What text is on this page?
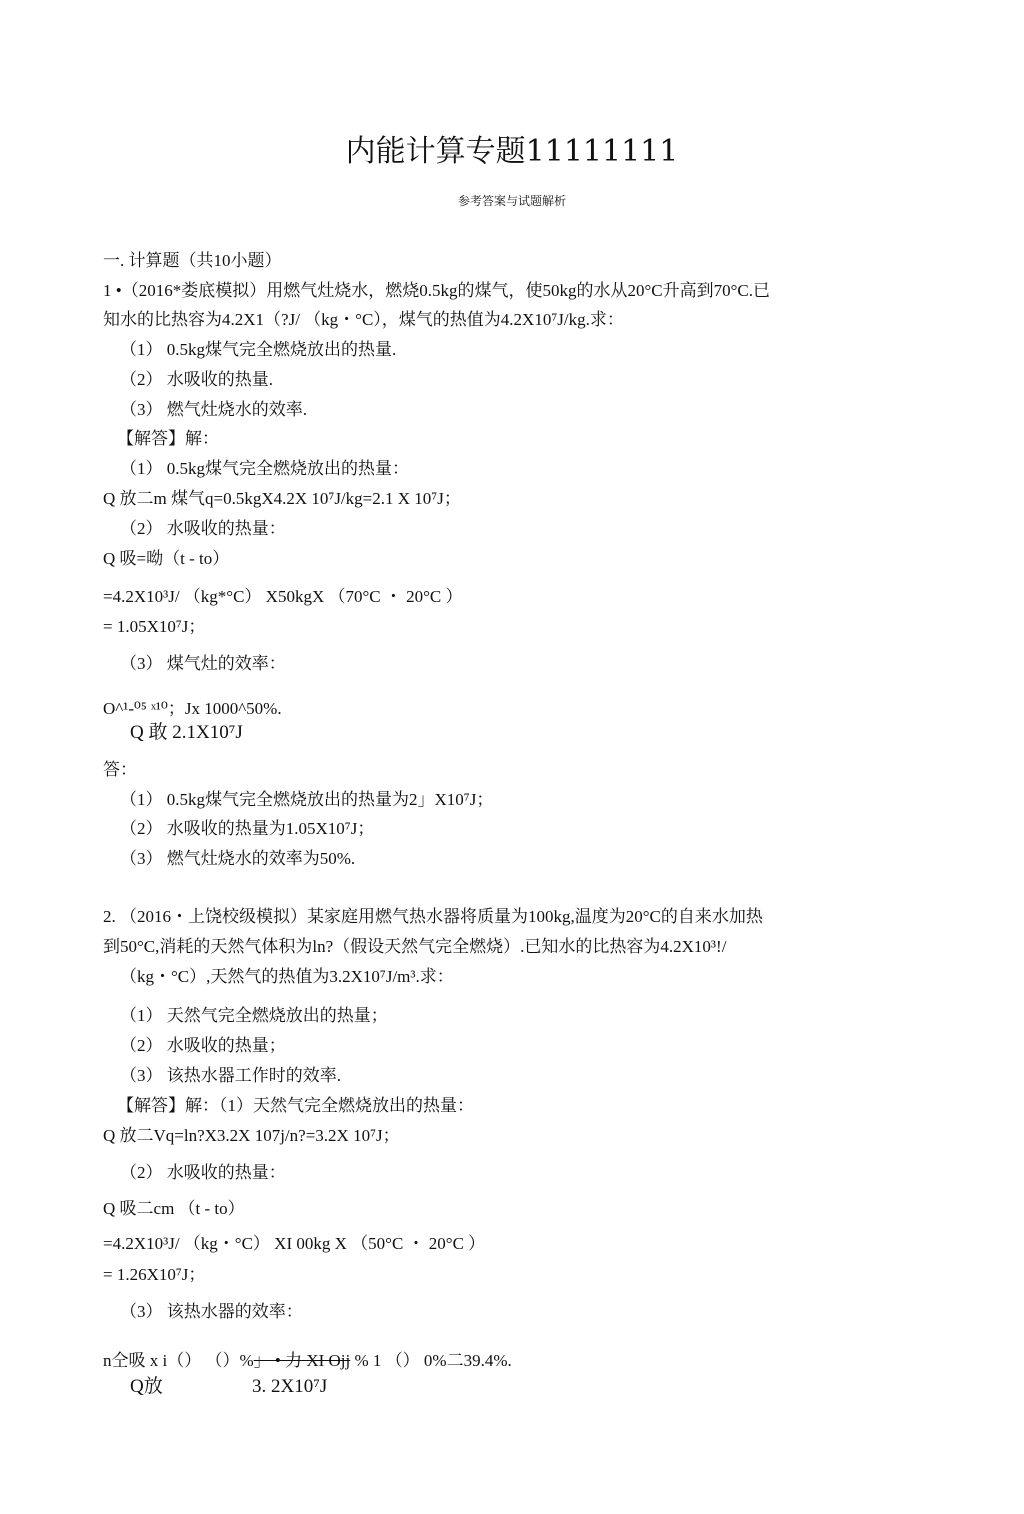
内能计算专题11111111
参考答案与试题解析
一. 计算题（共10小题）
1 •（2016*娄底模拟）用燃气灶烧水，燃烧0.5kg的煤气，使50kg的水从20°C升高到70°C.已
知水的比热容为4.2X1（?J/ （kg・°C），煤气的热值为4.2X10⁷J/kg.求：
（1） 0.5kg煤气完全燃烧放出的热量.
（2） 水吸收的热量.
（3） 燃气灶烧水的效率.
【解答】解：
（1） 0.5kg煤气完全燃烧放出的热量：
Q 放二m 煤气q=0.5kgX4.2X 10⁷J/kg=2.1 X 10⁷J；
（2） 水吸收的热量：
Q 吸=呦（t - to）
=4.2X10³J/ （kg*°C） X50kgX （70°C ・ 20°C ）
= 1.05X10⁷J；
（3） 煤气灶的效率：
O^¹-⁰⁵ ˣ¹⁰；Jx 1000^50%.
Q 敢 2.1X10⁷J
答：
（1） 0.5kg煤气完全燃烧放出的热量为2」X10⁷J；
（2） 水吸收的热量为1.05X10⁷J；
（3） 燃气灶烧水的效率为50%.
2. （2016・上饶校级模拟）某家庭用燃气热水器将质量为100kg,温度为20°C的自来水加热
到50°C,消耗的天然气体积为ln?（假设天然气完全燃烧）.已知水的比热容为4.2X10³!/
（kg・°C）,天然气的热值为3.2X10⁷J/m³.求：
（1） 天然气完全燃烧放出的热量；
（2） 水吸收的热量；
（3） 该热水器工作时的效率.
【解答】解：（1）天然气完全燃烧放出的热量：
Q 放二Vq=ln?X3.2X 107j/n?=3.2X 10⁷J；
（2） 水吸收的热量：
Q 吸二cm （t - to）
=4.2X10³J/ （kg・°C） XI 00kg X （50°C ・ 20°C ）
= 1.26X10⁷J；
（3） 该热水器的效率：
n仝吸 x i（） （）%」 • 力 XI Ojj % 1 （） 0%二39.4%.
Q放	3. 2X10⁷J
